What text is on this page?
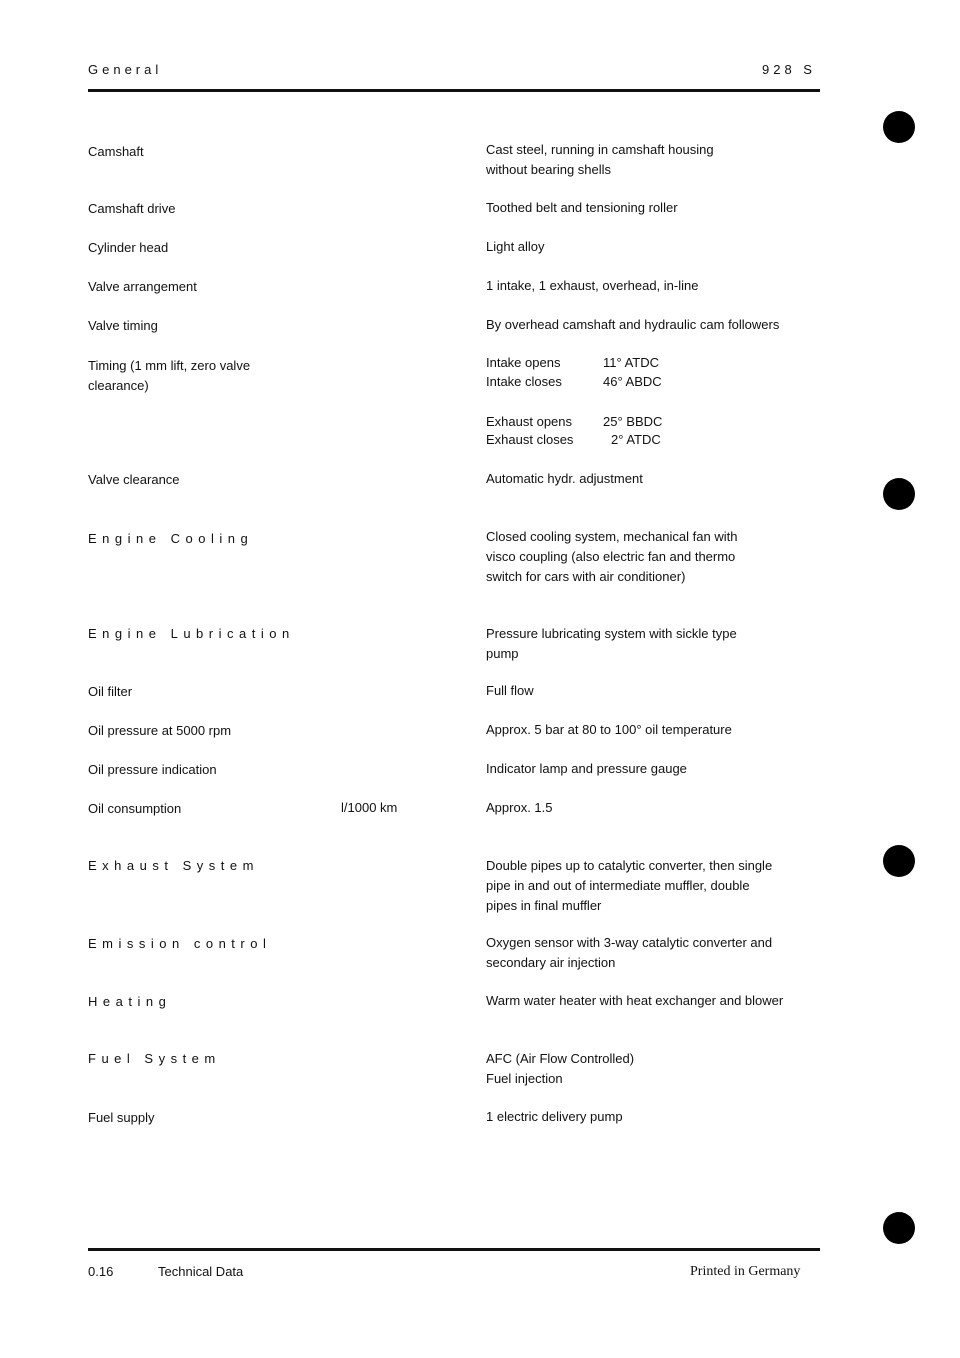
General	928 S
Camshaft	Cast steel, running in camshaft housing
without bearing shells
Camshaft drive	Toothed belt and tensioning roller
Cylinder head	Light alloy
Valve arrangement	1 intake, 1 exhaust, overhead, in-line
Valve timing	By overhead camshaft and hydraulic cam followers
Timing (1 mm lift, zero valve
clearance)
Intake opens	11° ATDC
Intake closes	46° ABDC
Exhaust opens 25° BBDC
Exhaust closes	2° ATDC
Valve clearance	Automatic hydr. adjustment
Engine Cooling	Closed cooling system, mechanical fan with
visco coupling (also electric fan and thermo
switch for cars with air conditioner)
Engine Lubrication	Pressure lubricating system with sickle type
pump
Oil filter	Full flow
Oil pressure at 5000 rpm	Approx. 5 bar at 80 to 100° oil temperature
Oil pressure indication	Indicator lamp and pressure gauge
Oil consumption	l/1000 km	Approx. 1.5
Exhaust System	Double pipes up to catalytic converter, then single
pipe in and out of intermediate muffler, double
pipes in final muffler
Emission control	Oxygen sensor with 3-way catalytic converter and
secondary air injection
Heating	Warm water heater with heat exchanger and blower
Fuel System	AFC (Air Flow Controlled)
Fuel injection
Fuel supply	1 electric delivery pump
0.16	Technical Data	Printed in Germany
